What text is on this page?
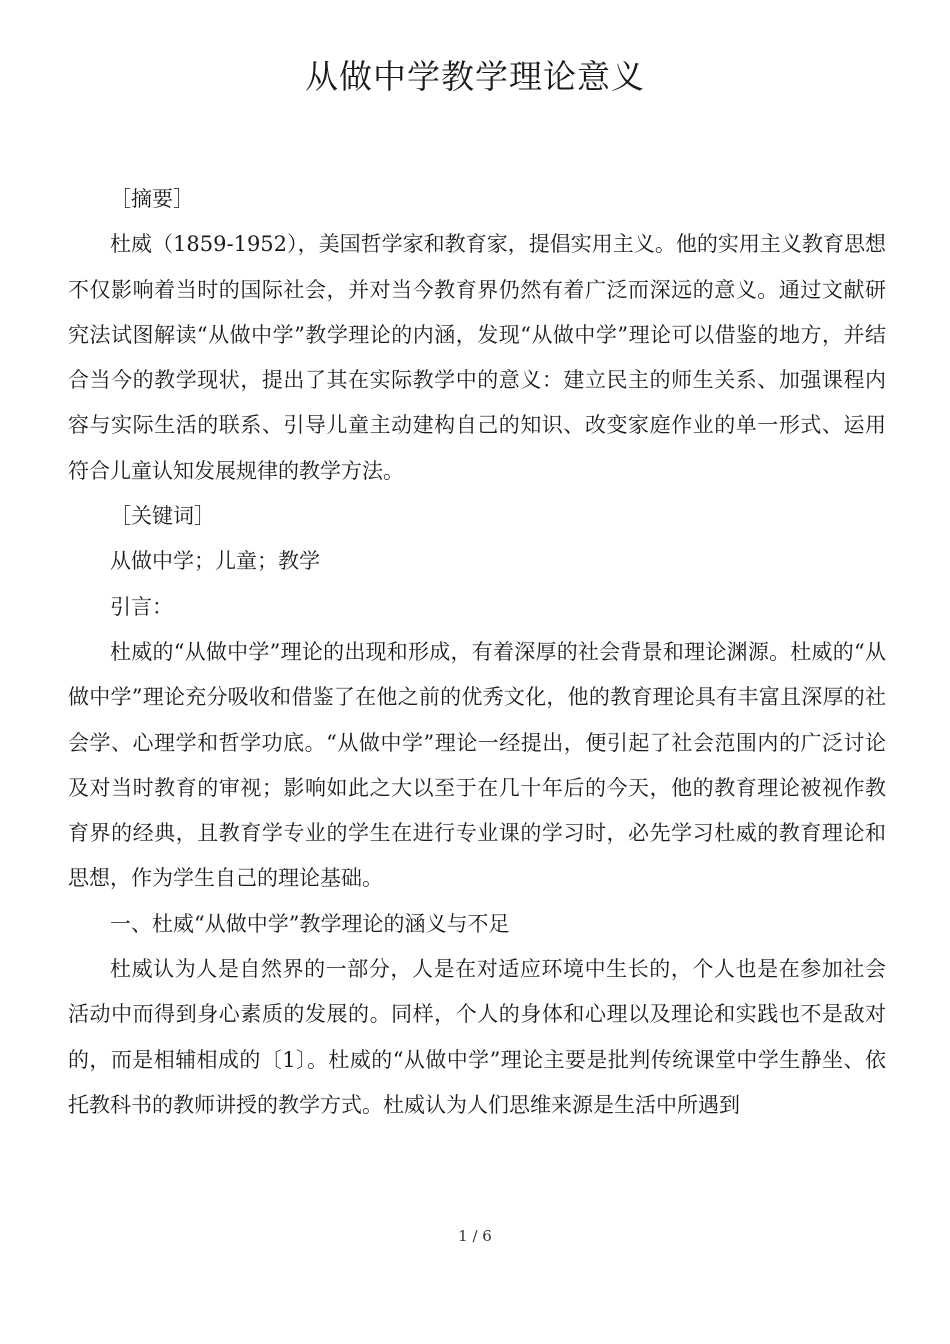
从做中学教学理论意义

［摘要］

杜威（1859-1952），美国哲学家和教育家，提倡实用主义。他的实用主义教育思想不仅影响着当时的国际社会，并对当今教育界仍然有着广泛而深远的意义。通过文献研究法试图解读“从做中学”教学理论的内涵，发现“从做中学”理论可以借鉴的地方，并结合当今的教学现状，提出了其在实际教学中的意义：建立民主的师生关系、加强课程内容与实际生活的联系、引导儿童主动建构自己的知识、改变家庭作业的单一形式、运用符合儿童认知发展规律的教学方法。

［关键词］

从做中学；儿童；教学

引言：

杜威的“从做中学”理论的出现和形成，有着深厚的社会背景和理论渊源。杜威的“从做中学”理论充分吸收和借鉴了在他之前的优秀文化，他的教育理论具有丰富且深厚的社会学、心理学和哲学功底。“从做中学”理论一经提出，便引起了社会范围内的广泛讨论及对当时教育的审视；影响如此之大以至于在几十年后的今天，他的教育理论被视作教育界的经典，且教育学专业的学生在进行专业课的学习时，必先学习杜威的教育理论和思想，作为学生自己的理论基础。

一、杜威“从做中学”教学理论的涵义与不足

杜威认为人是自然界的一部分，人是在对适应环境中生长的，个人也是在参加社会活动中而得到身心素质的发展的。同样，个人的身体和心理以及理论和实践也不是敌对的，而是相辅相成的〔1〕。杜威的“从做中学”理论主要是批判传统课堂中学生静坐、依托教科书的教师讲授的教学方式。杜威认为人们思维来源是生活中所遇到

1 / 6
